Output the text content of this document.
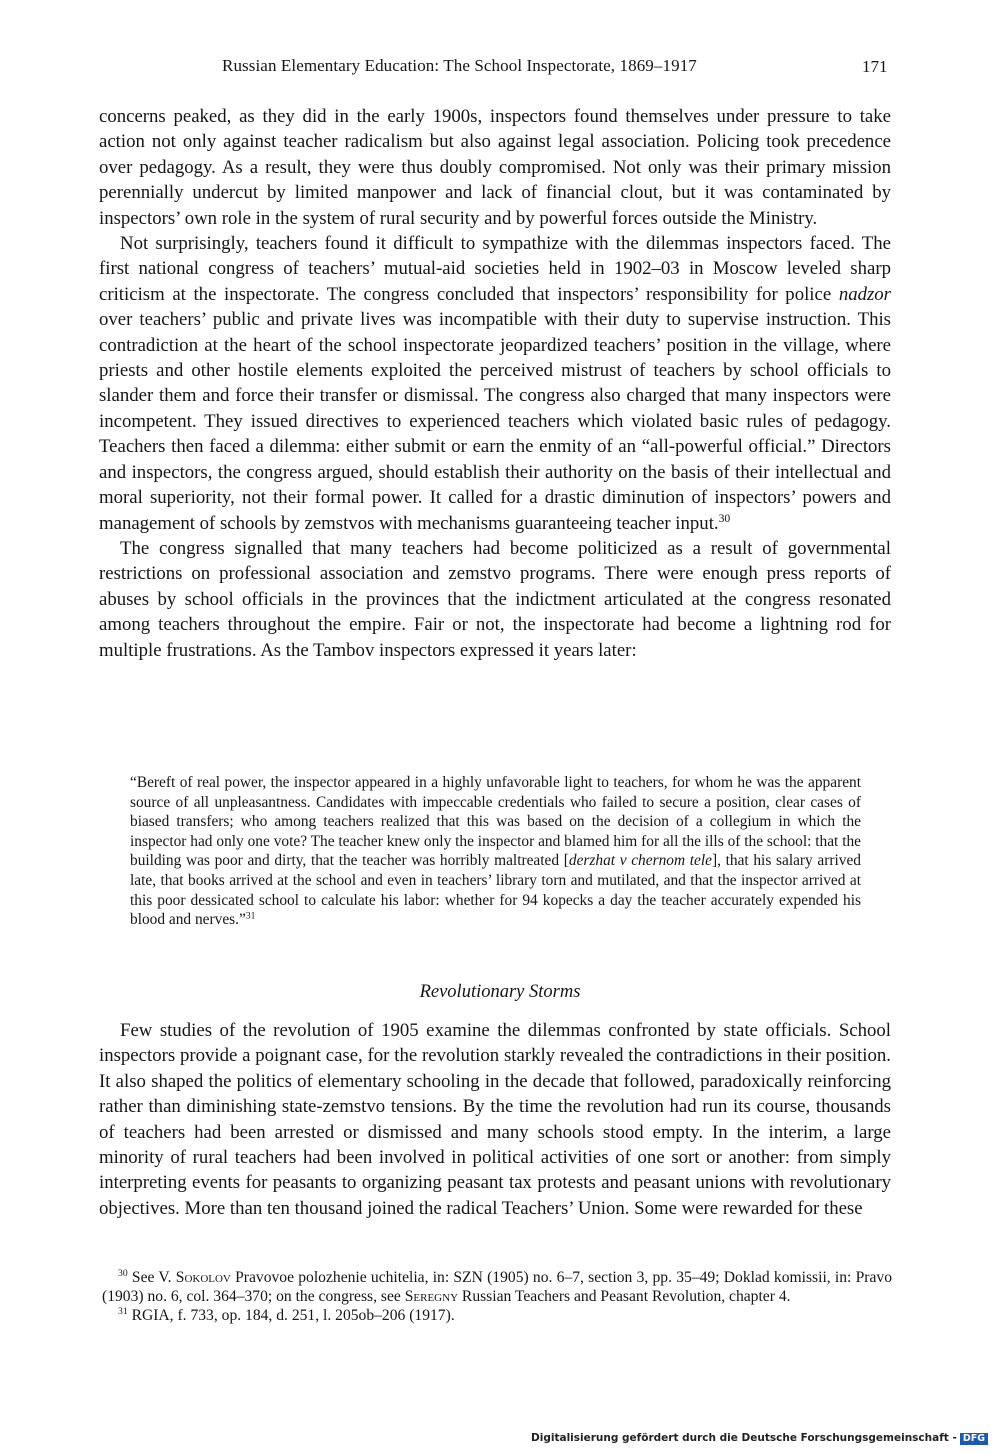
Russian Elementary Education: The School Inspectorate, 1869–1917	171

concerns peaked, as they did in the early 1900s, inspectors found themselves under pressure to take action not only against teacher radicalism but also against legal association. Policing took precedence over pedagogy. As a result, they were thus doubly compromised. Not only was their primary mission perennially undercut by limited manpower and lack of financial clout, but it was contaminated by inspectors’ own role in the system of rural security and by powerful forces outside the Ministry.

Not surprisingly, teachers found it difficult to sympathize with the dilemmas inspectors faced. The first national congress of teachers’ mutual-aid societies held in 1902–03 in Moscow leveled sharp criticism at the inspectorate. The congress concluded that inspectors’ responsibility for police nadzor over teachers’ public and private lives was incompatible with their duty to supervise instruction. This contradiction at the heart of the school inspectorate jeopardized teachers’ position in the village, where priests and other hostile elements exploited the perceived mistrust of teachers by school officials to slander them and force their transfer or dismissal. The congress also charged that many inspectors were incompetent. They issued directives to experienced teachers which violated basic rules of pedagogy. Teachers then faced a dilemma: either submit or earn the enmity of an “all-powerful official.” Directors and inspectors, the congress argued, should establish their authority on the basis of their intellectual and moral superiority, not their formal power. It called for a drastic diminution of inspectors’ powers and management of schools by zemstvos with mechanisms guaranteeing teacher input.$^{30}$

The congress signalled that many teachers had become politicized as a result of governmental restrictions on professional association and zemstvo programs. There were enough press reports of abuses by school officials in the provinces that the indictment articulated at the congress resonated among teachers throughout the empire. Fair or not, the inspectorate had become a lightning rod for multiple frustrations. As the Tambov inspectors expressed it years later:

“Bereft of real power, the inspector appeared in a highly unfavorable light to teachers, for whom he was the apparent source of all unpleasantness. Candidates with impeccable credentials who failed to secure a position, clear cases of biased transfers; who among teachers realized that this was based on the decision of a collegium in which the inspector had only one vote? The teacher knew only the inspector and blamed him for all the ills of the school: that the building was poor and dirty, that the teacher was horribly maltreated [derzhat v chernom tele], that his salary arrived late, that books arrived at the school and even in teachers’ library torn and mutilated, and that the inspector arrived at this poor dessicated school to calculate his labor: whether for 94 kopecks a day the teacher accurately expended his blood and nerves.”$^{31}$

Revolutionary Storms

Few studies of the revolution of 1905 examine the dilemmas confronted by state officials. School inspectors provide a poignant case, for the revolution starkly revealed the contradictions in their position. It also shaped the politics of elementary schooling in the decade that followed, paradoxically reinforcing rather than diminishing state-zemstvo tensions. By the time the revolution had run its course, thousands of teachers had been arrested or dismissed and many schools stood empty. In the interim, a large minority of rural teachers had been involved in political activities of one sort or another: from simply interpreting events for peasants to organizing peasant tax protests and peasant unions with revolutionary objectives. More than ten thousand joined the radical Teachers’ Union. Some were rewarded for these

$^{30}$ See V. Sokolov Pravovoe polozhenie uchitelia, in: SZN (1905) no. 6–7, section 3, pp. 35–49; Doklad komissii, in: Pravo (1903) no. 6, col. 364–370; on the congress, see Seregny Russian Teachers and Peasant Revolution, chapter 4.

$^{31}$ RGIA, f. 733, op. 184, d. 251, l. 205ob–206 (1917).

Digitalisierung gefördert durch die Deutsche Forschungsgemeinschaft - DFG
